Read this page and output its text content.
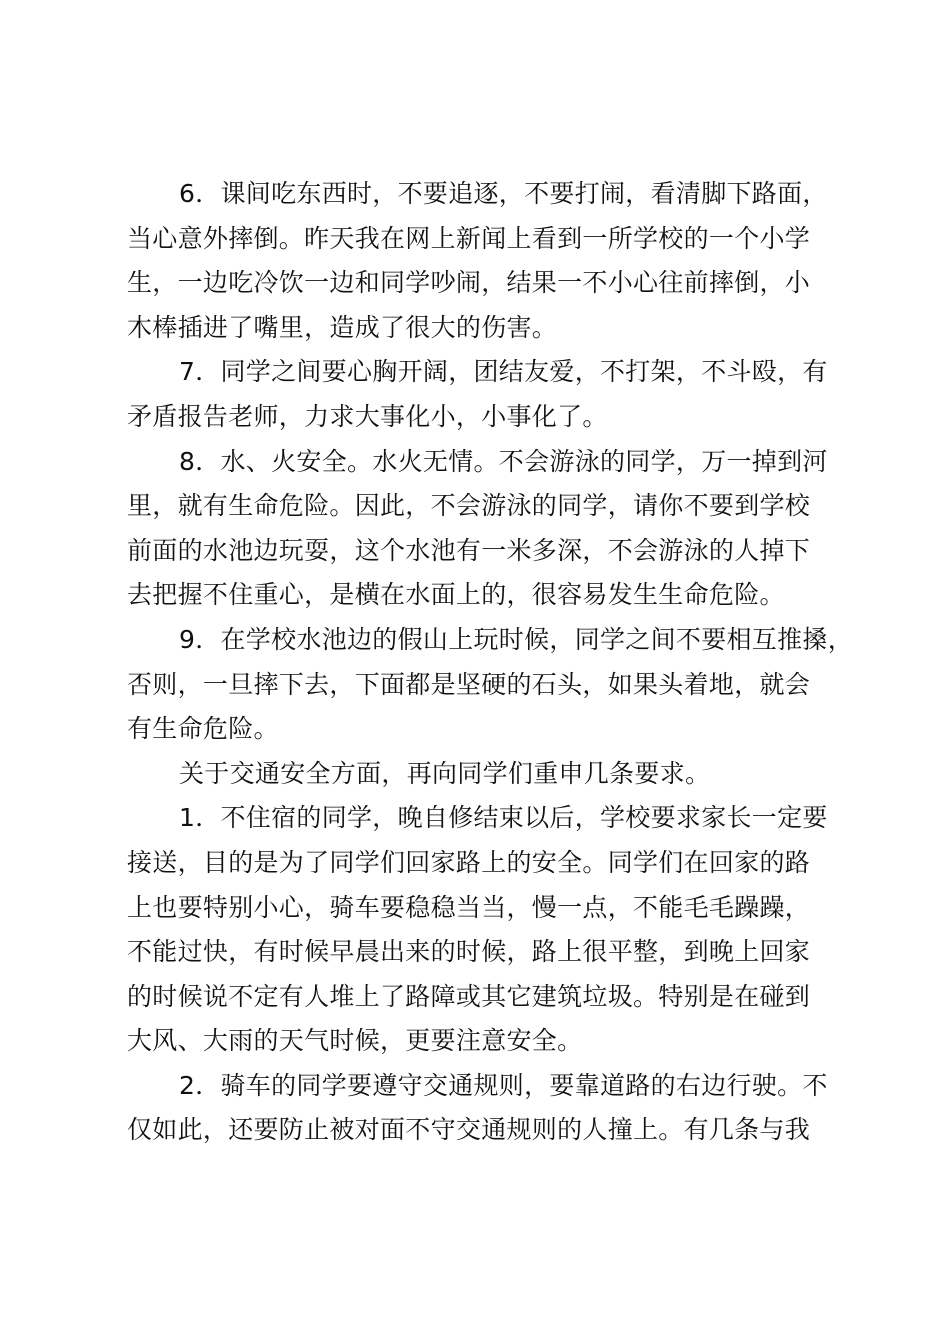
6．课间吃东西时，不要追逐，不要打闹，看清脚下路面，
当心意外摔倒。昨天我在网上新闻上看到一所学校的一个小学
生，一边吃冷饮一边和同学吵闹，结果一不小心往前摔倒，小
木棒插进了嘴里，造成了很大的伤害。
7．同学之间要心胸开阔，团结友爱，不打架，不斗殴，有
矛盾报告老师，力求大事化小，小事化了。
8．水、火安全。水火无情。不会游泳的同学，万一掉到河
里，就有生命危险。因此，不会游泳的同学，请你不要到学校
前面的水池边玩耍，这个水池有一米多深，不会游泳的人掉下
去把握不住重心，是横在水面上的，很容易发生生命危险。
9．在学校水池边的假山上玩时候，同学之间不要相互推搡，
否则，一旦摔下去，下面都是坚硬的石头，如果头着地，就会
有生命危险。
关于交通安全方面，再向同学们重申几条要求。
1．不住宿的同学，晚自修结束以后，学校要求家长一定要
接送，目的是为了同学们回家路上的安全。同学们在回家的路
上也要特别小心，骑车要稳稳当当，慢一点，不能毛毛躁躁，
不能过快，有时候早晨出来的时候，路上很平整，到晚上回家
的时候说不定有人堆上了路障或其它建筑垃圾。特别是在碰到
大风、大雨的天气时候，更要注意安全。
2．骑车的同学要遵守交通规则，要靠道路的右边行驶。不
仅如此，还要防止被对面不守交通规则的人撞上。有几条与我
